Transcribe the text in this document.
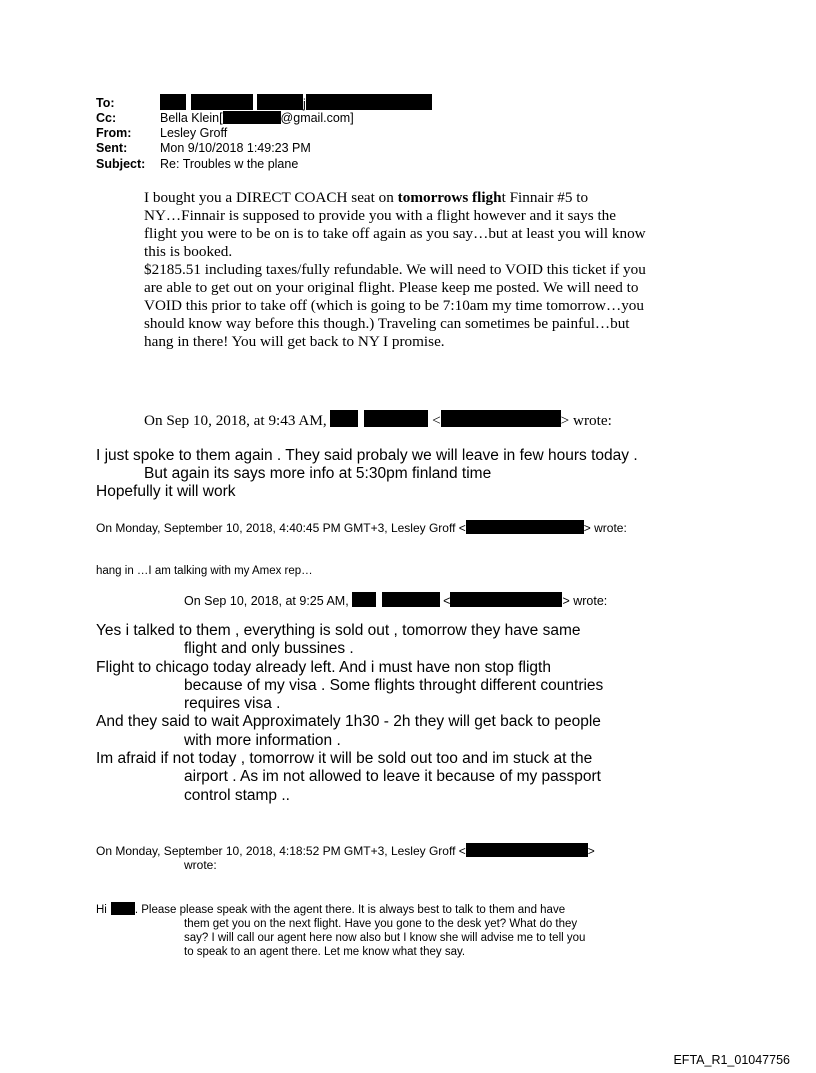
To:	j
Cc:	Bella Klein[	@gmail.com]
From: Lesley Groff
Sent:	Mon 9/10/2018 1:49:23 PM
Subject: Re: Troubles w the plane
I bought you a DIRECT COACH seat on tomorrows flight Finnair #5 to
NY…Finnair is supposed to provide you with a flight however and it says the
flight you were to be on is to take off again as you say…but at least you will know
this is booked.
$2185.51 including taxes/fully refundable. We will need to VOID this ticket if you
are able to get out on your original flight. Please keep me posted. We will need to
VOID this prior to take off (which is going to be 7:10am my time tomorrow…you
should know way before this though.) Traveling can sometimes be painful…but
hang in there! You will get back to NY I promise.
On Sep 10, 2018, at 9:43 AM,	<	> wrote:
I just spoke to them again . They said probaly we will leave in few hours today .
But again its says more info at 5:30pm finland time
Hopefully it will work
On Monday, September 10, 2018, 4:40:45 PM GMT+3, Lesley Groff <	> wrote:
hang in …I am talking with my Amex rep…
On Sep 10, 2018, at 9:25 AM,	<	> wrote:
Yes i talked to them , everything is sold out , tomorrow they have same
flight and only bussines .
Flight to chicago today already left. And i must have non stop fligth
because of my visa . Some flights throught different countries
requires visa .
And they said to wait Approximately 1h30 - 2h they will get back to people
with more information .
Im afraid if not today , tomorrow it will be sold out too and im stuck at the
airport . As im not allowed to leave it because of my passport
control stamp ..
On Monday, September 10, 2018, 4:18:52 PM GMT+3, Lesley Groff <	>
wrote:
Hi . Please please speak with the agent there. It is always best to talk to them and have
them get you on the next flight. Have you gone to the desk yet? What do they
say? I will call our agent here now also but I know she will advise me to tell you
to speak to an agent there. Let me know what they say.
EFTA_R1_01047756
